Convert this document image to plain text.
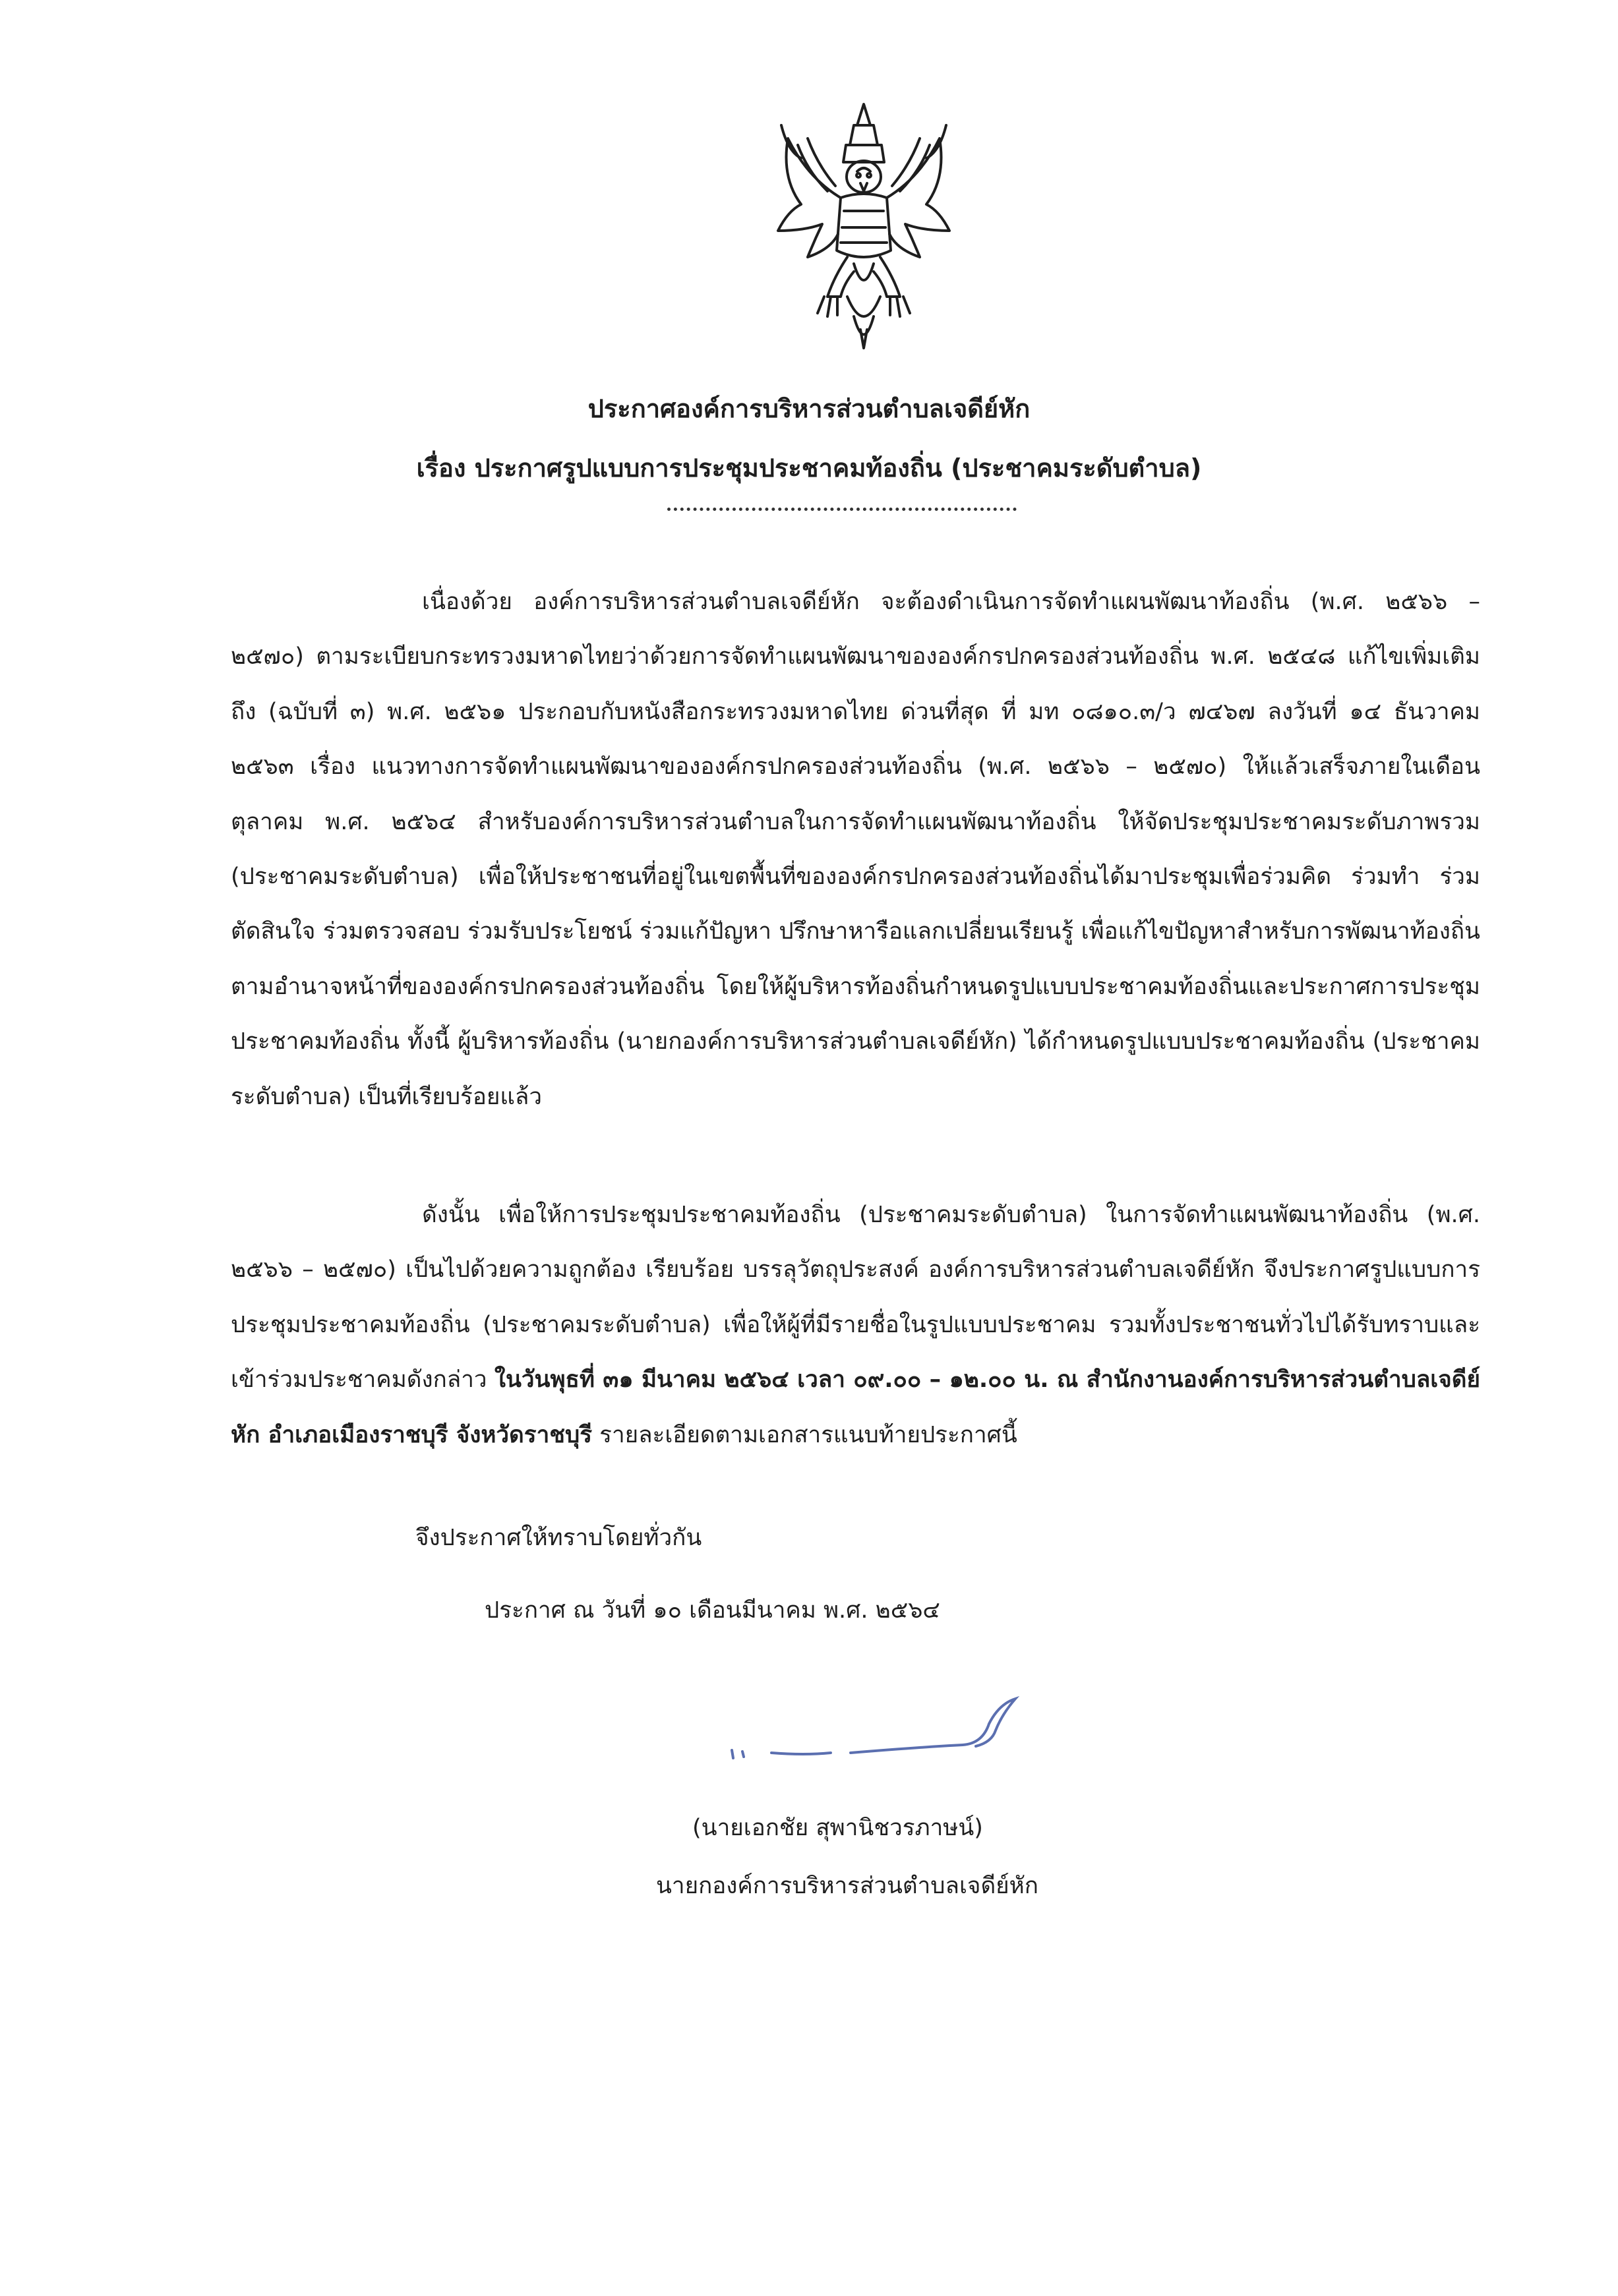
ประกาศองค์การบริหารส่วนตำบลเจดีย์หัก
เรื่อง ประกาศรูปแบบการประชุมประชาคมท้องถิ่น (ประชาคมระดับตำบล)
เนื่องด้วย องค์การบริหารส่วนตำบลเจดีย์หัก จะต้องดำเนินการจัดทำแผนพัฒนาท้องถิ่น (พ.ศ. ๒๕๖๖ – ๒๕๗๐) ตามระเบียบกระทรวงมหาดไทยว่าด้วยการจัดทำแผนพัฒนาขององค์กรปกครองส่วนท้องถิ่น พ.ศ. ๒๕๔๘ แก้ไขเพิ่มเติมถึง (ฉบับที่ ๓) พ.ศ. ๒๕๖๑ ประกอบกับหนังสือกระทรวงมหาดไทย ด่วนที่สุด ที่ มท ๐๘๑๐.๓/ว ๗๔๖๗ ลงวันที่ ๑๔ ธันวาคม ๒๕๖๓ เรื่อง แนวทางการจัดทำแผนพัฒนาขององค์กรปกครองส่วนท้องถิ่น (พ.ศ. ๒๕๖๖ – ๒๕๗๐) ให้แล้วเสร็จภายในเดือนตุลาคม พ.ศ. ๒๕๖๔ สำหรับองค์การบริหารส่วนตำบลในการจัดทำแผนพัฒนาท้องถิ่น ให้จัดประชุมประชาคมระดับภาพรวม (ประชาคมระดับตำบล) เพื่อให้ประชาชนที่อยู่ในเขตพื้นที่ขององค์กรปกครองส่วนท้องถิ่นได้มาประชุมเพื่อร่วมคิด ร่วมทำ ร่วมตัดสินใจ ร่วมตรวจสอบ ร่วมรับประโยชน์ ร่วมแก้ปัญหา ปรึกษาหารือแลกเปลี่ยนเรียนรู้ เพื่อแก้ไขปัญหาสำหรับการพัฒนาท้องถิ่นตามอำนาจหน้าที่ขององค์กรปกครองส่วนท้องถิ่น โดยให้ผู้บริหารท้องถิ่นกำหนดรูปแบบประชาคมท้องถิ่นและประกาศการประชุมประชาคมท้องถิ่น ทั้งนี้ ผู้บริหารท้องถิ่น (นายกองค์การบริหารส่วนตำบลเจดีย์หัก) ได้กำหนดรูปแบบประชาคมท้องถิ่น (ประชาคมระดับตำบล) เป็นที่เรียบร้อยแล้ว
ดังนั้น เพื่อให้การประชุมประชาคมท้องถิ่น (ประชาคมระดับตำบล) ในการจัดทำแผนพัฒนาท้องถิ่น (พ.ศ. ๒๕๖๖ – ๒๕๗๐) เป็นไปด้วยความถูกต้อง เรียบร้อย บรรลุวัตถุประสงค์ องค์การบริหารส่วนตำบลเจดีย์หัก จึงประกาศรูปแบบการประชุมประชาคมท้องถิ่น (ประชาคมระดับตำบล) เพื่อให้ผู้ที่มีรายชื่อในรูปแบบประชาคม รวมทั้งประชาชนทั่วไปได้รับทราบและเข้าร่วมประชาคมดังกล่าว ในวันพุธที่ ๓๑ มีนาคม ๒๕๖๔ เวลา ๐๙.๐๐ – ๑๒.๐๐ น. ณ สำนักงานองค์การบริหารส่วนตำบลเจดีย์หัก อำเภอเมืองราชบุรี จังหวัดราชบุรี รายละเอียดตามเอกสารแนบท้ายประกาศนี้
จึงประกาศให้ทราบโดยทั่วกัน
ประกาศ ณ วันที่ ๑๐ เดือนมีนาคม พ.ศ. ๒๕๖๔
(นายเอกชัย สุพานิชวรภาษน์)
นายกองค์การบริหารส่วนตำบลเจดีย์หัก
